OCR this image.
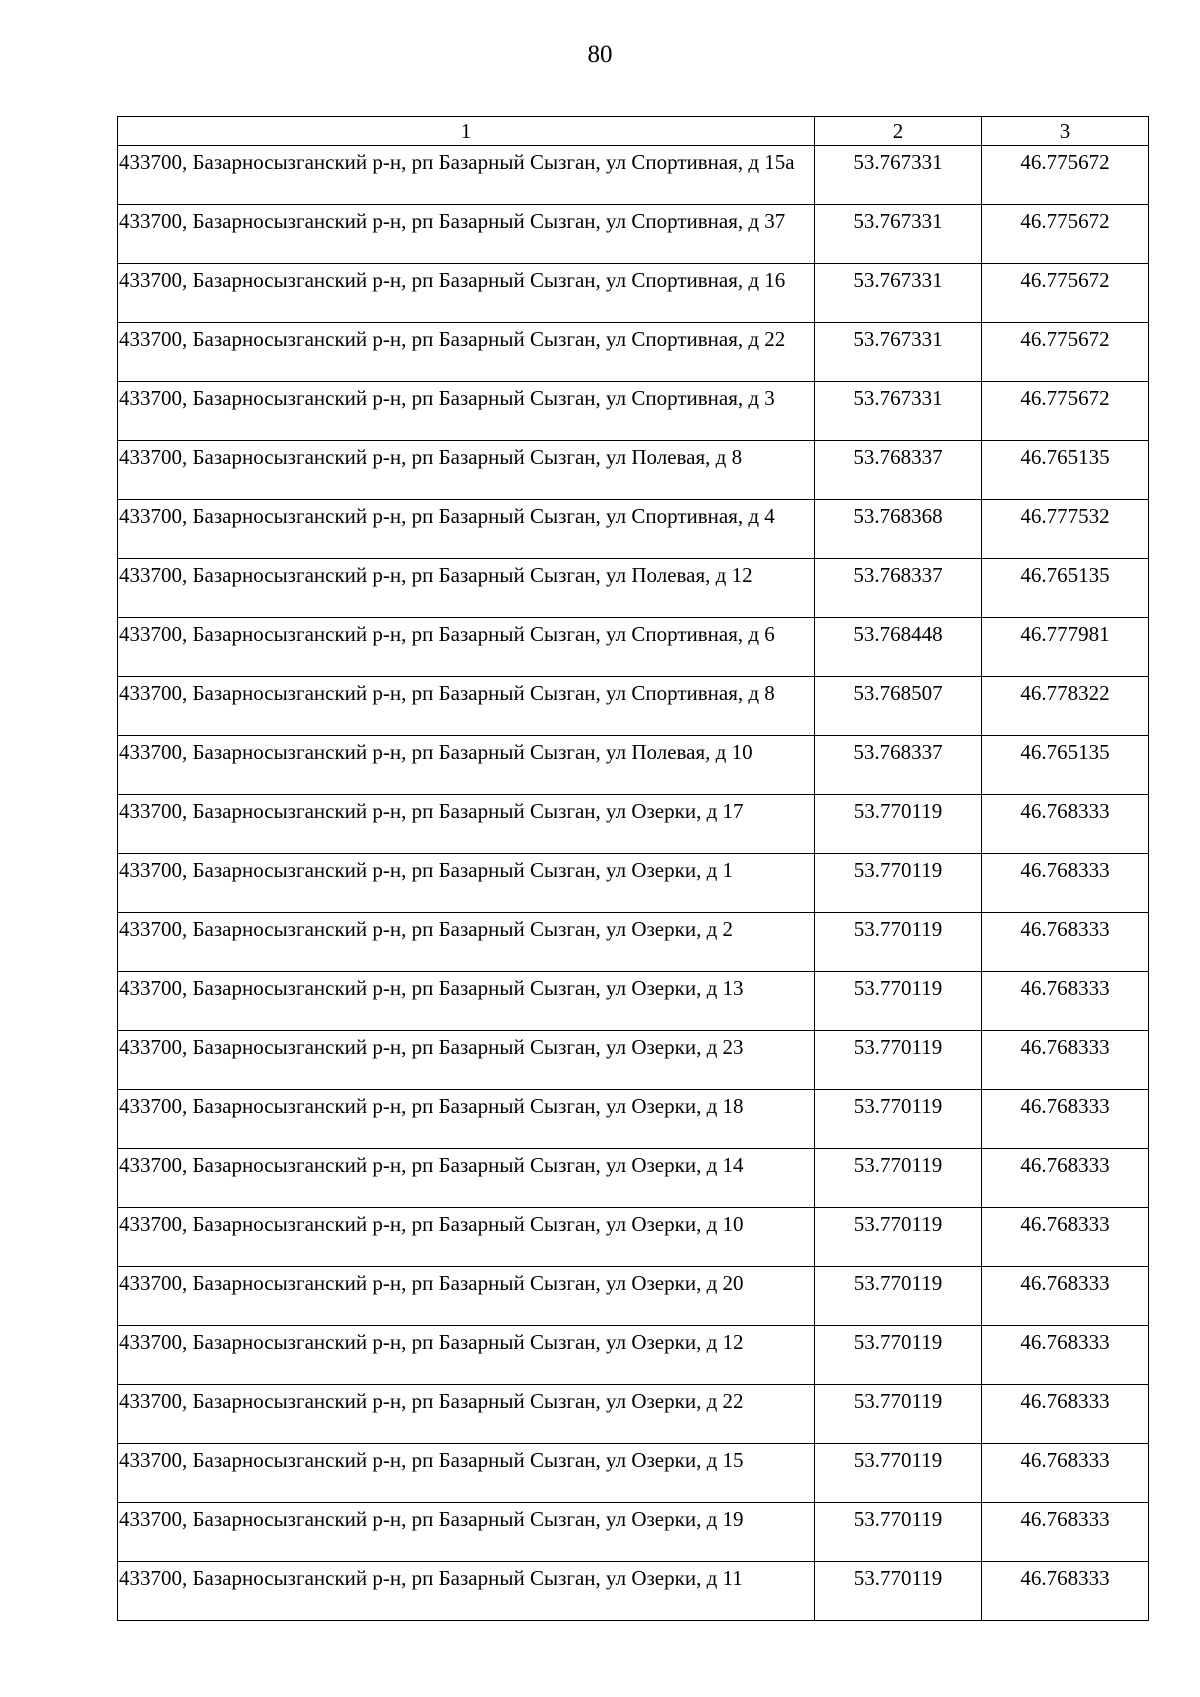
80
1	2	3
433700, Базарносызганский р-н, рп Базарный Сызган, ул Спортивная, д 15а	53.767331	46.775672
433700, Базарносызганский р-н, рп Базарный Сызган, ул Спортивная, д 37	53.767331	46.775672
433700, Базарносызганский р-н, рп Базарный Сызган, ул Спортивная, д 16	53.767331	46.775672
433700, Базарносызганский р-н, рп Базарный Сызган, ул Спортивная, д 22	53.767331	46.775672
433700, Базарносызганский р-н, рп Базарный Сызган, ул Спортивная, д 3	53.767331	46.775672
433700, Базарносызганский р-н, рп Базарный Сызган, ул Полевая, д 8	53.768337	46.765135
433700, Базарносызганский р-н, рп Базарный Сызган, ул Спортивная, д 4	53.768368	46.777532
433700, Базарносызганский р-н, рп Базарный Сызган, ул Полевая, д 12	53.768337	46.765135
433700, Базарносызганский р-н, рп Базарный Сызган, ул Спортивная, д 6	53.768448	46.777981
433700, Базарносызганский р-н, рп Базарный Сызган, ул Спортивная, д 8	53.768507	46.778322
433700, Базарносызганский р-н, рп Базарный Сызган, ул Полевая, д 10	53.768337	46.765135
433700, Базарносызганский р-н, рп Базарный Сызган, ул Озерки, д 17	53.770119	46.768333
433700, Базарносызганский р-н, рп Базарный Сызган, ул Озерки, д 1	53.770119	46.768333
433700, Базарносызганский р-н, рп Базарный Сызган, ул Озерки, д 2	53.770119	46.768333
433700, Базарносызганский р-н, рп Базарный Сызган, ул Озерки, д 13	53.770119	46.768333
433700, Базарносызганский р-н, рп Базарный Сызган, ул Озерки, д 23	53.770119	46.768333
433700, Базарносызганский р-н, рп Базарный Сызган, ул Озерки, д 18	53.770119	46.768333
433700, Базарносызганский р-н, рп Базарный Сызган, ул Озерки, д 14	53.770119	46.768333
433700, Базарносызганский р-н, рп Базарный Сызган, ул Озерки, д 10	53.770119	46.768333
433700, Базарносызганский р-н, рп Базарный Сызган, ул Озерки, д 20	53.770119	46.768333
433700, Базарносызганский р-н, рп Базарный Сызган, ул Озерки, д 12	53.770119	46.768333
433700, Базарносызганский р-н, рп Базарный Сызган, ул Озерки, д 22	53.770119	46.768333
433700, Базарносызганский р-н, рп Базарный Сызган, ул Озерки, д 15	53.770119	46.768333
433700, Базарносызганский р-н, рп Базарный Сызган, ул Озерки, д 19	53.770119	46.768333
433700, Базарносызганский р-н, рп Базарный Сызган, ул Озерки, д 11	53.770119	46.768333
